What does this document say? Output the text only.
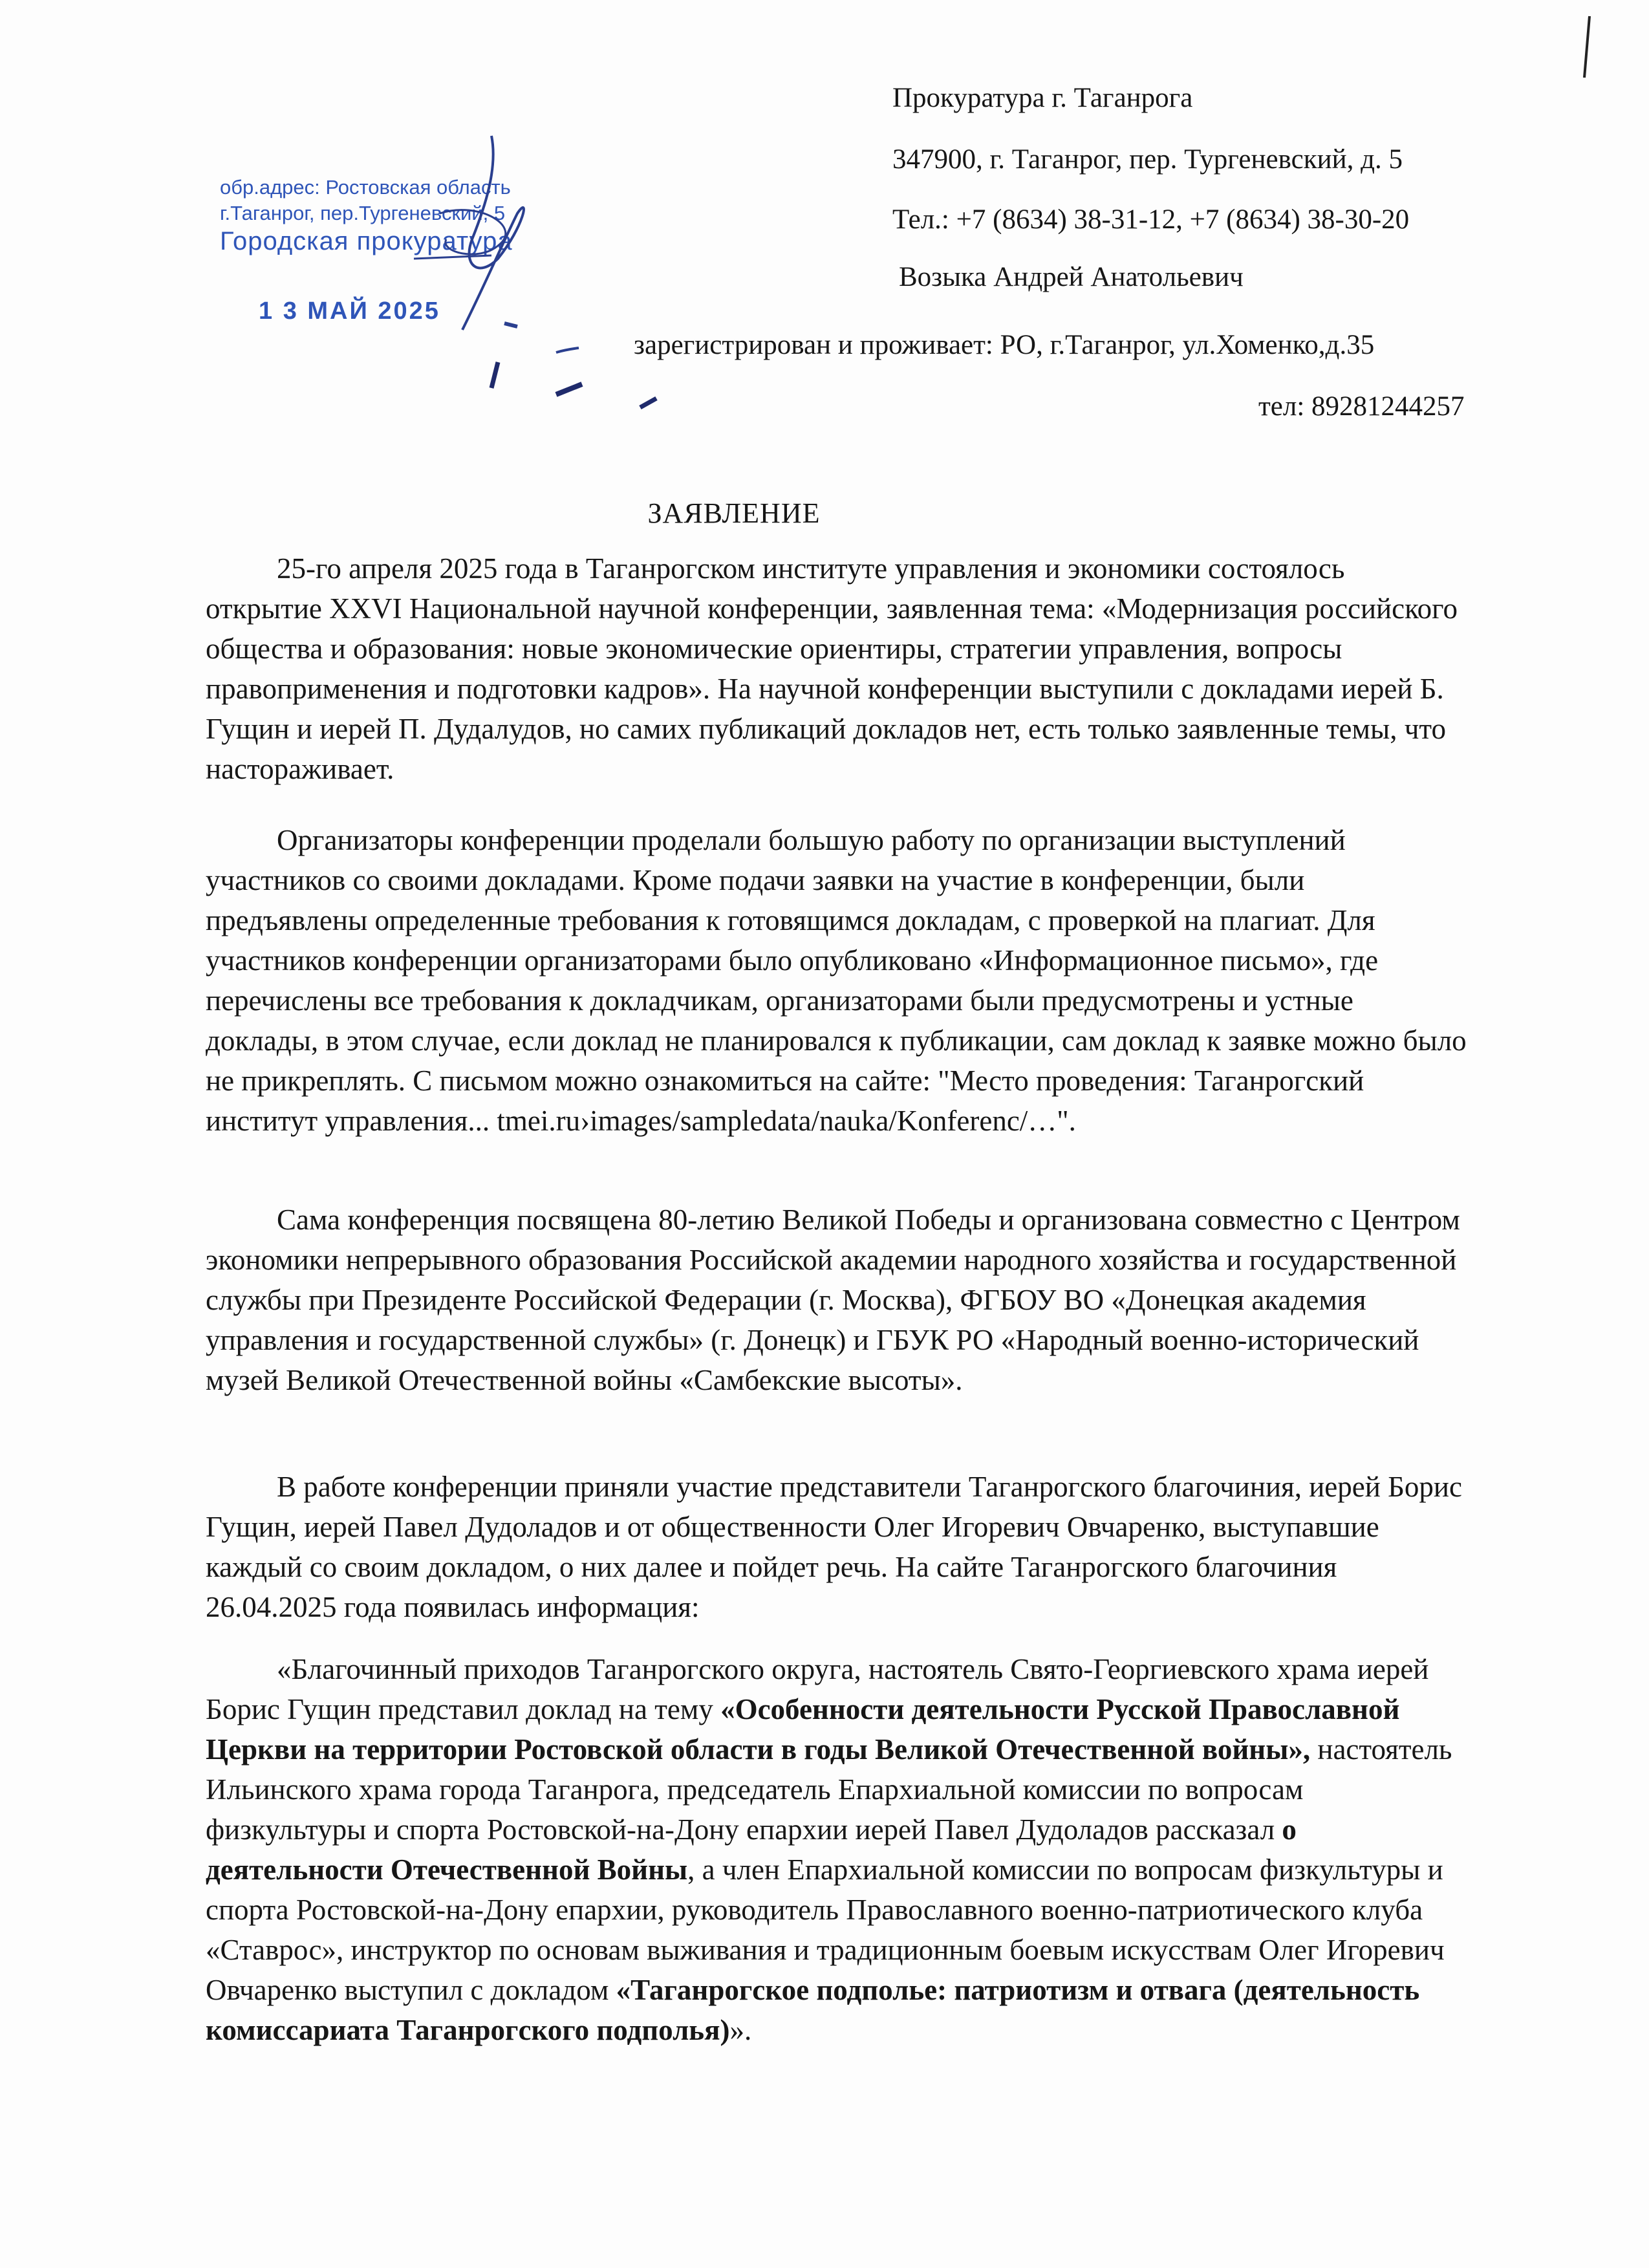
обр.адрес: Ростовская область
г.Таганрог, пер.Тургеневский, 5
Городская прокуратура
1 3 МАЙ 2025
Прокуратура г. Таганрога
347900, г. Таганрог, пер. Тургеневский, д. 5
Тел.: +7 (8634) 38-31-12, +7 (8634) 38-30-20
Возыка Андрей Анатольевич
зарегистрирован и проживает: РО, г.Таганрог, ул.Хоменко,д.35
тел: 89281244257
ЗАЯВЛЕНИЕ

25-го апреля 2025 года в Таганрогском институте управления и экономики состоялось открытие XXVI Национальной научной конференции, заявленная тема: «Модернизация российского общества и образования: новые экономические ориентиры, стратегии управления, вопросы правоприменения и подготовки кадров». На научной конференции выступили с докладами иерей Б. Гущин и иерей П. Дудалудов, но самих публикаций докладов нет, есть только заявленные темы, что настораживает.

Организаторы конференции проделали большую работу по организации выступлений участников со своими докладами. Кроме подачи заявки на участие в конференции, были предъявлены определенные требования к готовящимся докладам, с проверкой на плагиат. Для участников конференции организаторами было опубликовано «Информационное письмо», где перечислены все требования к докладчикам, организаторами были предусмотрены и устные доклады, в этом случае, если доклад не планировался к публикации, сам доклад к заявке можно было не прикреплять. С письмом можно ознакомиться на сайте: "Место проведения: Таганрогский институт управления... tmei.ru›images/sampledata/nauka/Konferenc/…".

Сама конференция посвящена 80-летию Великой Победы и организована совместно с Центром экономики непрерывного образования Российской академии народного хозяйства и государственной службы при Президенте Российской Федерации (г. Москва), ФГБОУ ВО «Донецкая академия управления и государственной службы» (г. Донецк) и ГБУК РО «Народный военно-исторический музей Великой Отечественной войны «Самбекские высоты».

В работе конференции приняли участие представители Таганрогского благочиния, иерей Борис Гущин, иерей Павел Дудоладов и от общественности Олег Игоревич Овчаренко, выступавшие каждый со своим докладом, о них далее и пойдет речь. На сайте Таганрогского благочиния 26.04.2025 года появилась информация:

«Благочинный приходов Таганрогского округа, настоятель Свято-Георгиевского храма иерей Борис Гущин представил доклад на тему «Особенности деятельности Русской Православной Церкви на территории Ростовской области в годы Великой Отечественной войны», настоятель Ильинского храма города Таганрога, председатель Епархиальной комиссии по вопросам физкультуры и спорта Ростовской-на-Дону епархии иерей Павел Дудоладов рассказал о деятельности Отечественной Войны, а член Епархиальной комиссии по вопросам физкультуры и спорта Ростовской-на-Дону епархии, руководитель Православного военно-патриотического клуба «Ставрос», инструктор по основам выживания и традиционным боевым искусствам Олег Игоревич Овчаренко выступил с докладом «Таганрогское подполье: патриотизм и отвага (деятельность комиссариата Таганрогского подполья)».
